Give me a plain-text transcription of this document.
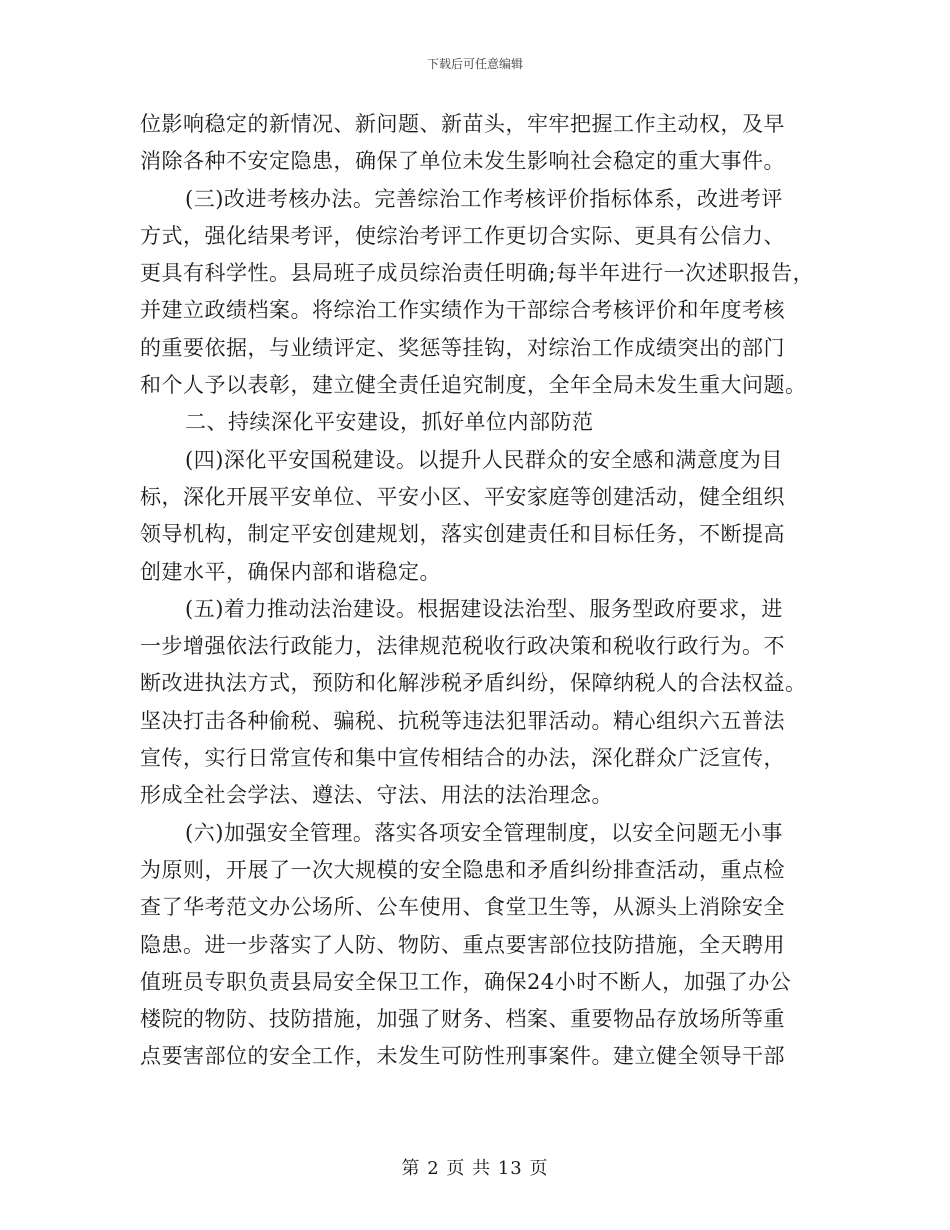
下载后可任意编辑

位影响稳定的新情况、新问题、新苗头，牢牢把握工作主动权，及早
消除各种不安定隐患，确保了单位未发生影响社会稳定的重大事件。

(三)改进考核办法。完善综治工作考核评价指标体系，改进考评
方式，强化结果考评，使综治考评工作更切合实际、更具有公信力、
更具有科学性。县局班子成员综治责任明确;每半年进行一次述职报告，
并建立政绩档案。将综治工作实绩作为干部综合考核评价和年度考核
的重要依据，与业绩评定、奖惩等挂钩，对综治工作成绩突出的部门
和个人予以表彰，建立健全责任追究制度，全年全局未发生重大问题。

二、持续深化平安建设，抓好单位内部防范

(四)深化平安国税建设。以提升人民群众的安全感和满意度为目
标，深化开展平安单位、平安小区、平安家庭等创建活动，健全组织
领导机构，制定平安创建规划，落实创建责任和目标任务，不断提高
创建水平，确保内部和谐稳定。

(五)着力推动法治建设。根据建设法治型、服务型政府要求，进
一步增强依法行政能力，法律规范税收行政决策和税收行政行为。不
断改进执法方式，预防和化解涉税矛盾纠纷，保障纳税人的合法权益。
坚决打击各种偷税、骗税、抗税等违法犯罪活动。精心组织六五普法
宣传，实行日常宣传和集中宣传相结合的办法，深化群众广泛宣传，
形成全社会学法、遵法、守法、用法的法治理念。

(六)加强安全管理。落实各项安全管理制度，以安全问题无小事
为原则，开展了一次大规模的安全隐患和矛盾纠纷排查活动，重点检
查了华考范文办公场所、公车使用、食堂卫生等，从源头上消除安全
隐患。进一步落实了人防、物防、重点要害部位技防措施，全天聘用
值班员专职负责县局安全保卫工作，确保24小时不断人，加强了办公
楼院的物防、技防措施，加强了财务、档案、重要物品存放场所等重
点要害部位的安全工作，未发生可防性刑事案件。建立健全领导干部

第 2 页 共 13 页
